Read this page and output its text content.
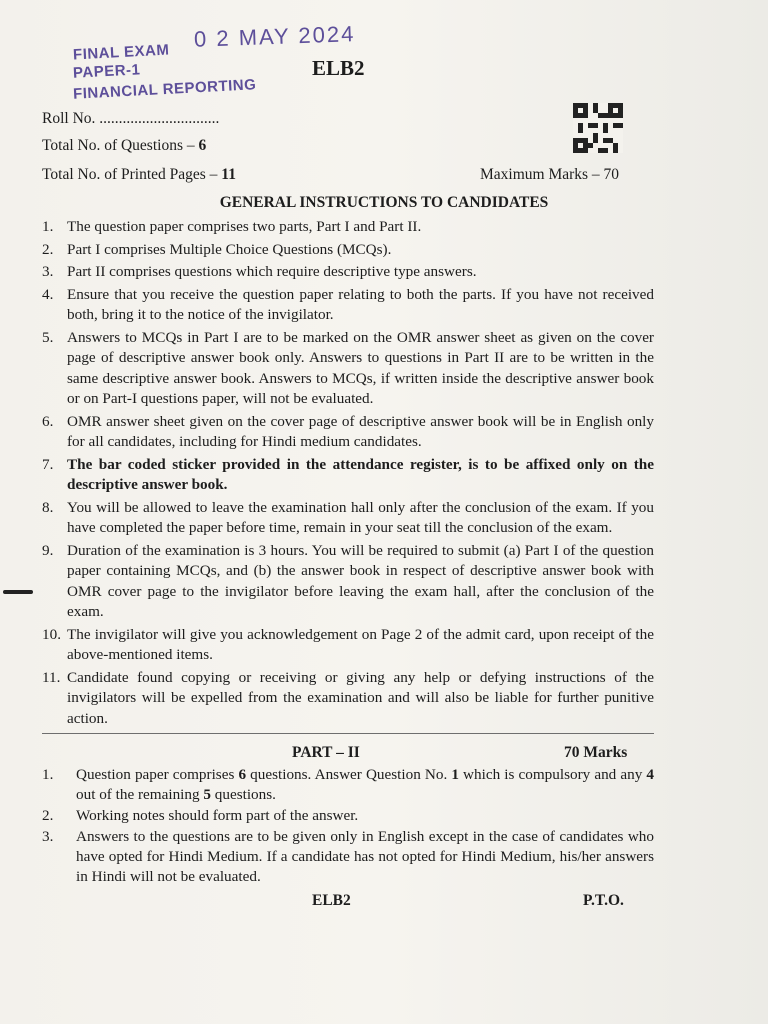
0 2 MAY 2024
FINAL EXAM
PAPER-1
FINANCIAL REPORTING
ELB2
Roll No. ...............................
Total No. of Questions – 6
Total No. of Printed Pages – 11	Maximum Marks – 70
GENERAL INSTRUCTIONS TO CANDIDATES
1. The question paper comprises two parts, Part I and Part II.
2. Part I comprises Multiple Choice Questions (MCQs).
3. Part II comprises questions which require descriptive type answers.
4. Ensure that you receive the question paper relating to both the parts. If you have not received both, bring it to the notice of the invigilator.
5. Answers to MCQs in Part I are to be marked on the OMR answer sheet as given on the cover page of descriptive answer book only. Answers to questions in Part II are to be written in the same descriptive answer book. Answers to MCQs, if written inside the descriptive answer book or on Part-I questions paper, will not be evaluated.
6. OMR answer sheet given on the cover page of descriptive answer book will be in English only for all candidates, including for Hindi medium candidates.
7. The bar coded sticker provided in the attendance register, is to be affixed only on the descriptive answer book.
8. You will be allowed to leave the examination hall only after the conclusion of the exam. If you have completed the paper before time, remain in your seat till the conclusion of the exam.
9. Duration of the examination is 3 hours. You will be required to submit (a) Part I of the question paper containing MCQs, and (b) the answer book in respect of descriptive answer book with OMR cover page to the invigilator before leaving the exam hall, after the conclusion of the exam.
10. The invigilator will give you acknowledgement on Page 2 of the admit card, upon receipt of the above-mentioned items.
11. Candidate found copying or receiving or giving any help or defying instructions of the invigilators will be expelled from the examination and will also be liable for further punitive action.
PART – II	70 Marks
1. Question paper comprises 6 questions. Answer Question No. 1 which is compulsory and any 4 out of the remaining 5 questions.
2. Working notes should form part of the answer.
3. Answers to the questions are to be given only in English except in the case of candidates who have opted for Hindi Medium. If a candidate has not opted for Hindi Medium, his/her answers in Hindi will not be evaluated.
ELB2	P.T.O.
